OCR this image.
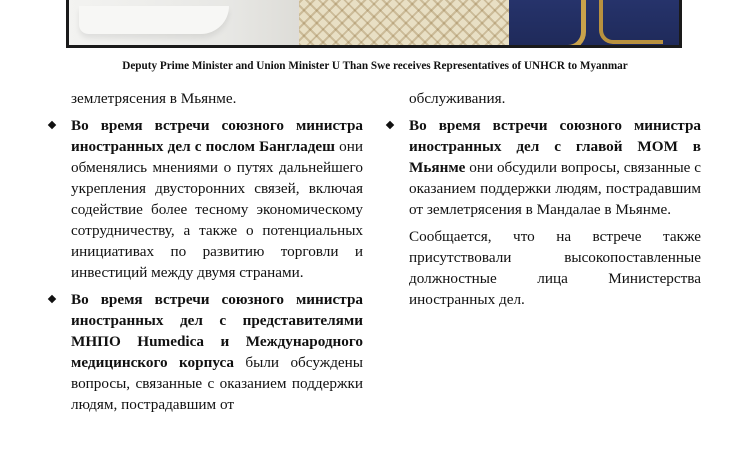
Deputy Prime Minister and Union Minister U Than Swe receives Representatives of UNHCR to Myanmar

землетрясения в Мьянме.

Во время встречи союзного министра иностранных дел с послом Бангладеш они обменялись мнениями о путях дальнейшего укрепления двусторонних связей, включая содействие более тесному экономическому сотрудничеству, а также о потенциальных инициативах по развитию торговли и инвестиций между двумя странами.

Во время встречи союзного министра иностранных дел с представителями МНПО Humedica и Международного медицинского корпуса были обсуждены вопросы, связанные с оказанием поддержки людям, пострадавшим от

обслуживания.

Во время встречи союзного министра иностранных дел с главой МОМ в Мьянме они обсудили вопросы, связанные с оказанием поддержки людям, пострадавшим от землетрясения в Мандалае в Мьянме.

Сообщается, что на встрече также присутствовали высокопоставленные должностные лица Министерства иностранных дел.
